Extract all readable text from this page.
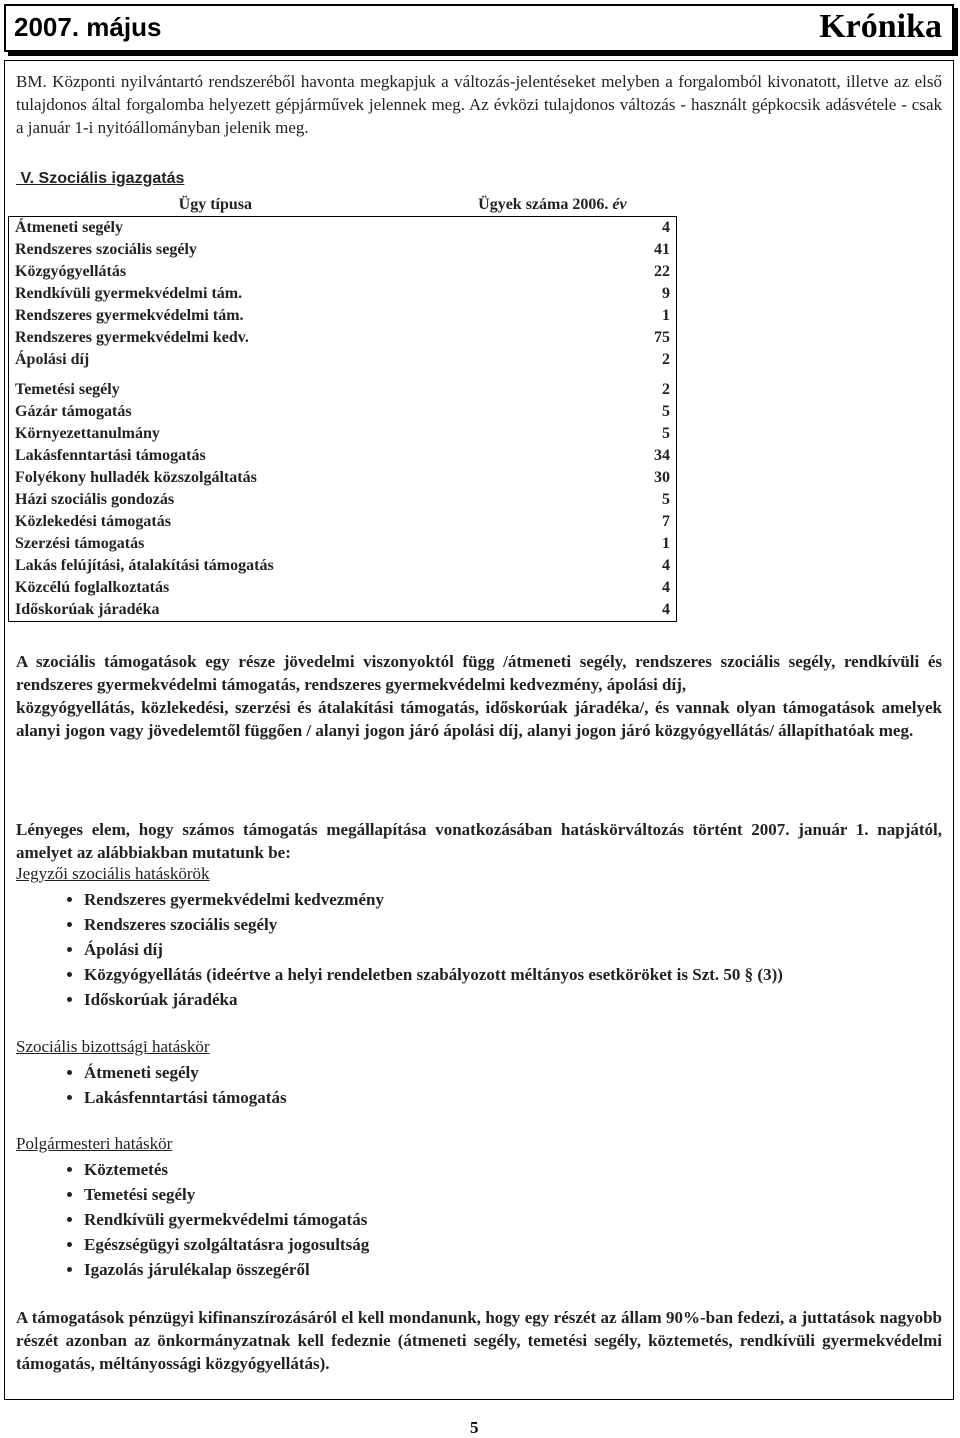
2007. május	Krónika
BM. Központi nyilvántartó rendszeréből havonta megkapjuk a változás-jelentéseket melyben a forgalomból kivonatott, illetve az első tulajdonos által forgalomba helyezett gépjárművek jelennek meg. Az évközi tulajdonos változás - használt gépkocsik adásvétele - csak a január 1-i nyitóállományban jelenik meg.
V. Szociális igazgatás
Ügy típusa	Ügyek száma 2006. év
Átmeneti segély	4
Rendszeres szociális segély	41
Közgyógyellátás	22
Rendkívüli gyermekvédelmi tám.	9
Rendszeres gyermekvédelmi tám.	1
Rendszeres gyermekvédelmi kedv.	75
Ápolási díj	2

Temetési segély	2
Gázár támogatás	5
Környezettanulmány	5
Lakásfenntartási támogatás	34
Folyékony hulladék közszolgáltatás	30
Házi szociális gondozás	5
Közlekedési támogatás	7
Szerzési támogatás	1
Lakás felújítási, átalakítási támogatás	4
Közcélú foglalkoztatás	4
Időskorúak járadéka	4
A szociális támogatások egy része jövedelmi viszonyoktól függ /átmeneti segély, rendszeres szociális segély, rendkívüli és rendszeres gyermekvédelmi támogatás, rendszeres gyermekvédelmi kedvezmény, ápolási díj,
közgyógyellátás, közlekedési, szerzési és átalakítási támogatás, időskorúak járadéka/, és vannak olyan támogatások amelyek alanyi jogon vagy jövedelemtől függően / alanyi jogon járó ápolási díj, alanyi jogon járó közgyógyellátás/ állapíthatóak meg.
Lényeges elem, hogy számos támogatás megállapítása vonatkozásában hatáskörváltozás történt 2007. január 1. napjától, amelyet az alábbiakban mutatunk be:
Jegyzői szociális hatáskörök
• Rendszeres gyermekvédelmi kedvezmény
• Rendszeres szociális segély
• Ápolási díj
• Közgyógyellátás (ideértve a helyi rendeletben szabályozott méltányos esetköröket is Szt. 50 § (3))
• Időskorúak járadéka
Szociális bizottsági hatáskör
• Átmeneti segély
• Lakásfenntartási támogatás
Polgármesteri hatáskör
• Köztemetés
• Temetési segély
• Rendkívüli gyermekvédelmi támogatás
• Egészségügyi szolgáltatásra jogosultság
• Igazolás járulékalap összegéről
A támogatások pénzügyi kifinanszírozásáról el kell mondanunk, hogy egy részét az állam 90%-ban fedezi, a juttatások nagyobb részét azonban az önkormányzatnak kell fedeznie (átmeneti segély, temetési segély, köztemetés, rendkívüli gyermekvédelmi támogatás, méltányossági közgyógyellátás).
5
